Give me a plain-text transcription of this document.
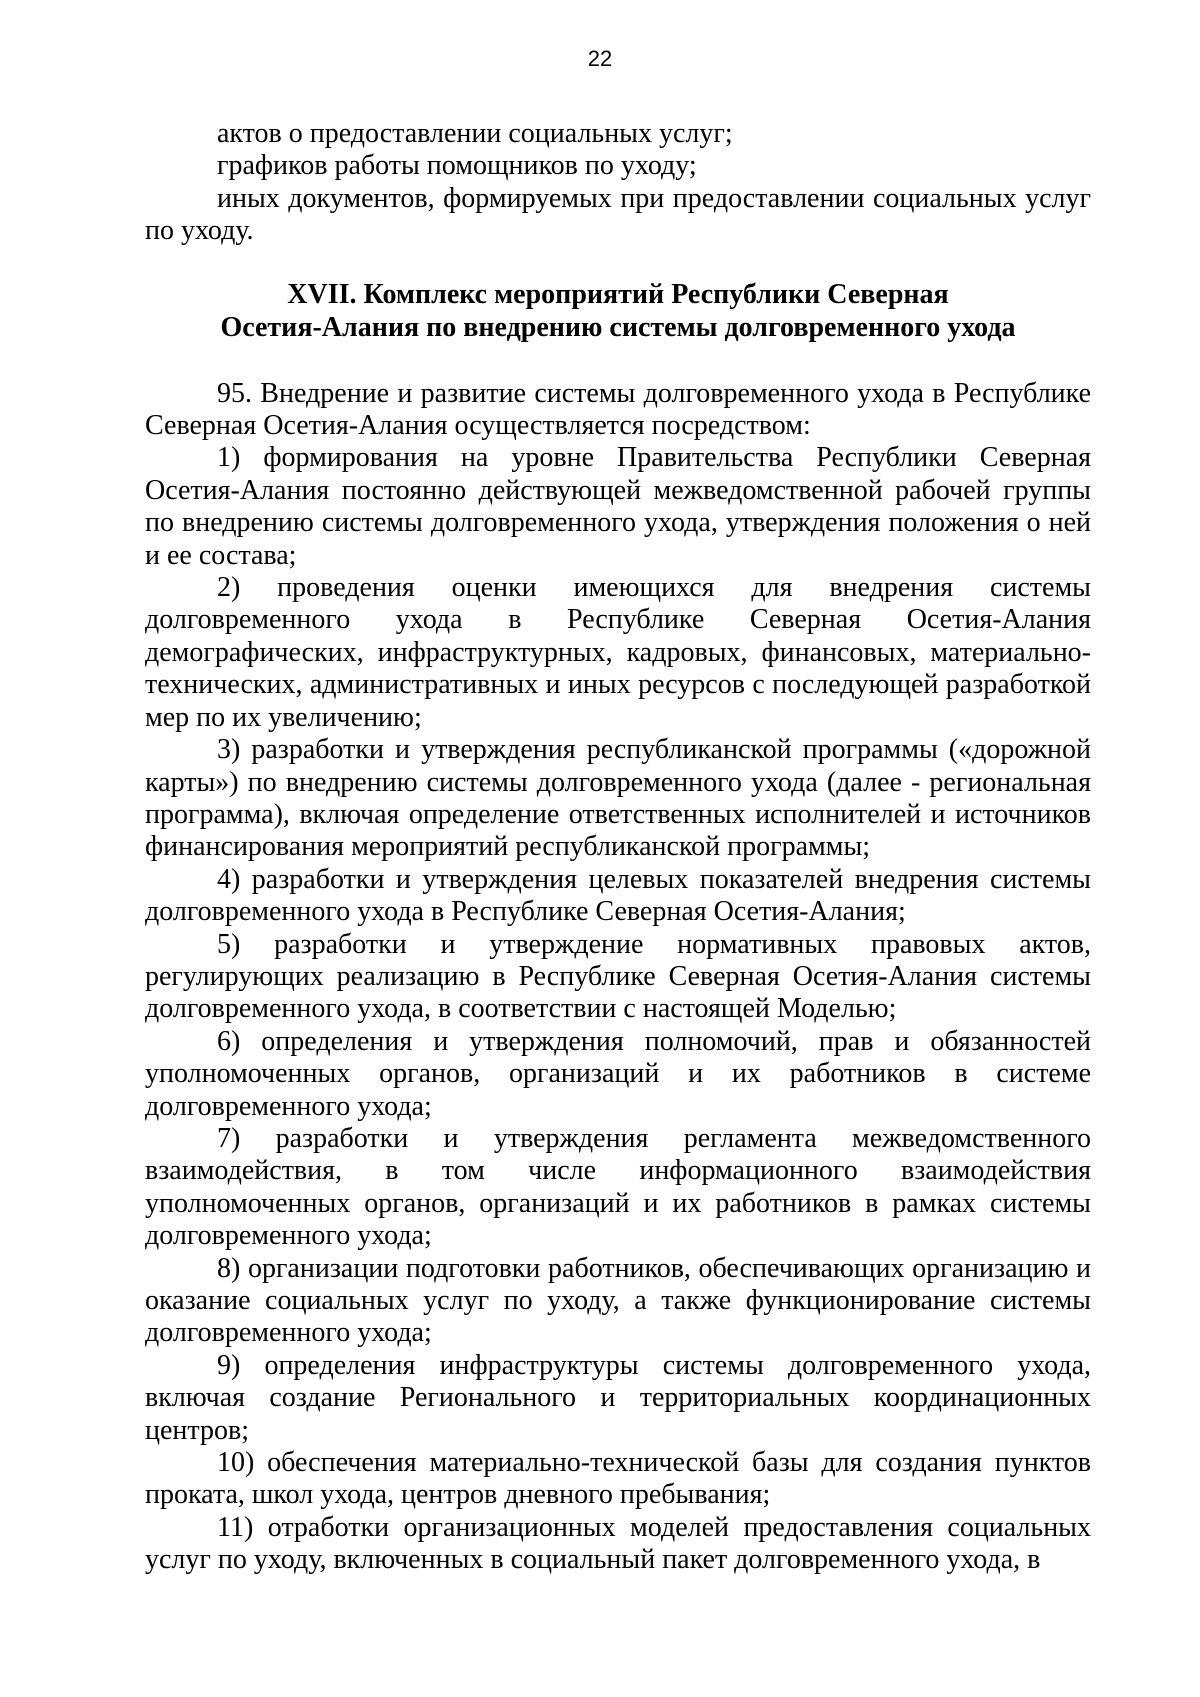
22

актов о предоставлении социальных услуг;

графиков работы помощников по уходу;

иных документов, формируемых при предоставлении социальных услуг по уходу.

XVII. Комплекс мероприятий Республики Северная
Осетия-Алания по внедрению системы долговременного ухода

95. Внедрение и развитие системы долговременного ухода в Республике Северная Осетия-Алания осуществляется посредством:

1) формирования на уровне Правительства Республики Северная Осетия-Алания постоянно действующей межведомственной рабочей группы по внедрению системы долговременного ухода, утверждения положения о ней и ее состава;

2) проведения оценки имеющихся для внедрения системы долговременного ухода в Республике Северная Осетия-Алания демографических, инфраструктурных, кадровых, финансовых, материально-технических, административных и иных ресурсов с последующей разработкой мер по их увеличению;

3) разработки и утверждения республиканской программы («дорожной карты») по внедрению системы долговременного ухода (далее - региональная программа), включая определение ответственных исполнителей и источников финансирования мероприятий республиканской программы;

4) разработки и утверждения целевых показателей внедрения системы долговременного ухода в Республике Северная Осетия-Алания;

5) разработки и утверждение нормативных правовых актов, регулирующих реализацию в Республике Северная Осетия-Алания системы долговременного ухода, в соответствии с настоящей Моделью;

6) определения и утверждения полномочий, прав и обязанностей уполномоченных органов, организаций и их работников в системе долговременного ухода;

7) разработки и утверждения регламента межведомственного взаимодействия, в том числе информационного взаимодействия уполномоченных органов, организаций и их работников в рамках системы долговременного ухода;

8) организации подготовки работников, обеспечивающих организацию и оказание социальных услуг по уходу, а также функционирование системы долговременного ухода;

9) определения инфраструктуры системы долговременного ухода, включая создание Регионального и территориальных координационных центров;

10) обеспечения материально-технической базы для создания пунктов проката, школ ухода, центров дневного пребывания;

11) отработки организационных моделей предоставления социальных услуг по уходу, включенных в социальный пакет долговременного ухода, в
